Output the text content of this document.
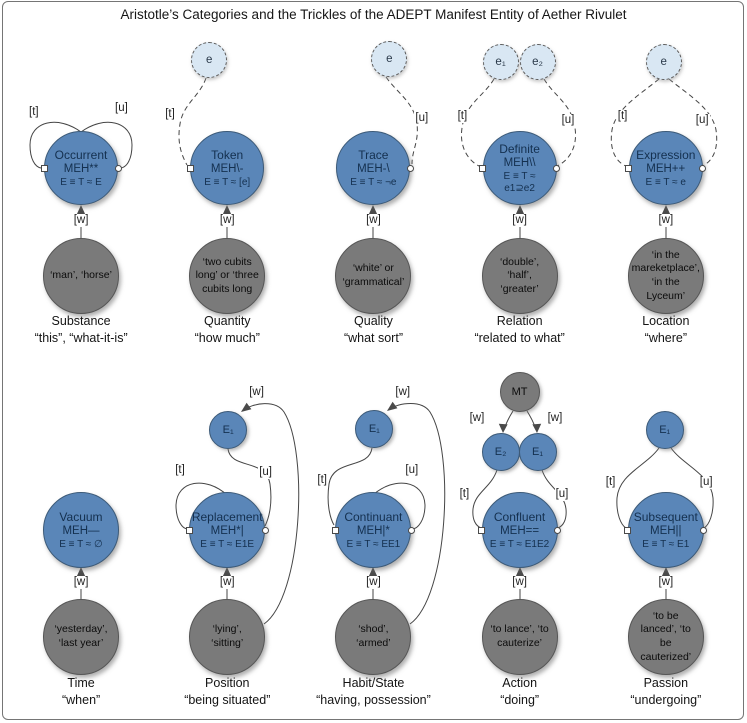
Aristotle’s Categories and the Trickles of the ADEPT Manifest Entity of Aether Rivulet
Occurrent
MEH**
E ≡ T ≈ E
[t]	[u]
[w]
‘man’, ‘horse’
Substance
“this”, “what-it-is”
e
Token
MEH\-
E ≡ T ≈ [e]
[t]
[w]
‘two cubits long’ or ‘three cubits long
Quantity
“how much”
e
Trace
MEH-\
E ≡ T ≈ ¬e
[u]
[w]
‘white’ or ‘grammatical’
Quality
“what sort”
e₁ e₂
Definite
MEH\\
E ≡ T ≈ e1⊇e2
[t]	[u]
[w]
‘double’, ‘half’, ‘greater’
Relation
“related to what”
e
Expression
MEH++
E ≡ T ≈ e
[t]	[u]
[w]
‘in the mareketplace’, ‘in the Lyceum’
Location
“where”
Vacuum
MEH—
E ≡ T ≈ ∅
[w]
‘yesterday’, ‘last year’
Time
“when”
E₁
Replacement
MEH*|
E ≡ T ≈ E1E
[w]
[t]	[u]
[w]
‘lying’, ‘sitting’
Position
“being situated”
E₁
Continuant
MEH|*
E ≡ T ≈ EE1
[w]
[t]
[u]
[w]
‘shod’, ‘armed’
Habit/State
“having, possession”
MT
E₂ E₁
Confluent
MEH==
E ≡ T ≈ E1E2
[w]	[w]
[t]	[u]
[w]
‘to lance’, ‘to cauterize’
Action
“doing”
E₁
Subsequent
MEH||
E ≡ T ≈ E1
[t]	[u]
[w]
‘to be lanced’, ‘to be cauterized’
Passion
“undergoing”
